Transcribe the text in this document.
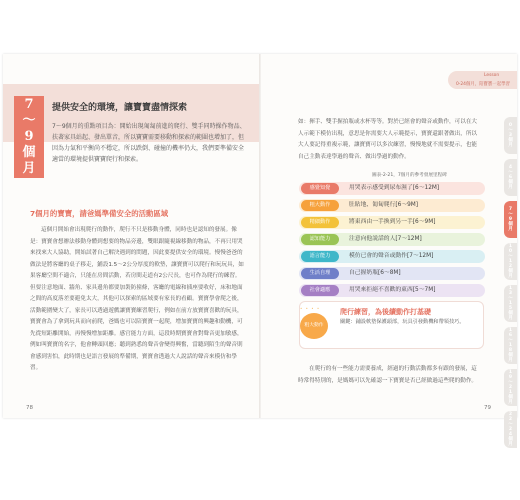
7
～
9
個
月
提供安全的環境，讓寶寶盡情探索

7～9個月的重點項目為：開始出現匍匐前進的爬行、雙手同時操作物品、扶著家具站起、發出單音，所以寶寶需要移動和探索的範圍也增加了，但因為力氣和平衡尚不穩定，所以跌倒、碰撞的機率仍大，我們要準備安全適當的環境提供寶寶爬行和探索。

7個月的寶寶，請爸媽準備安全的活動區域

這個月開始會出現爬行的動作，爬行不只是移動身體，同時也是認知的發展。像是：寶寶會想辦法移動身體到想要的物品旁邊，雙眼跟隨視線移動的物品，不再只用哭來找來大人協助，開始試著自己解決遇到的問題，因此要提供安全的環境。慢慢爸爸的做法是將客廳的桌子移走，鋪設1.5～2公分厚度的軟墊，讓寶寶可以爬行和玩玩具，如果客廳空間不適合，只能在房間活動，若房間走道有2公尺長，也可作為爬行的練習。但要注意地面、牆角、家具邊角都要加裝防撞條，客廳的電線和插座要收好，床和地面之間的高度落差要避免太大，其他可以探索的區域要有家長的看顧。寶寶學會爬之後，活動範圍變大了，家長可以透過遊戲讓寶寶練習爬行，例如在前方放寶寶喜歡的玩具，寶寶會為了拿到玩具而向前爬，爸媽也可以陪寶寶一起爬，增加寶寶的興趣和動機，可先從短距離開始，再慢慢增加距離。感官能力方面，這段時期寶寶會對聲音更加敏感，例如叫寶寶的名字，他會轉頭回應；聽到熟悉的聲音會變得興奮，當聽到陌生的聲音則會感到害怕，此時期也是語言發展的準備期，寶寶會透過大人說話的聲音來模仿和學習。

78
Lesson
0-24個月，陪寶寶一起學習

如：揮手、雙手握拍瓶或水杯等等。對於已經會的聲音或動作，可以在大人示範下模仿出現，意思是你需要大人示範提示，寶寶還跟著做出，所以大人要記得重複示範，讓寶寶可以多次練習，慢慢地就不需要提示，也能自己主動表達學過的聲音、做出學過的動作。

圖表-2-21，7個月的參考發展里程碑
感覺知覺	用哭表示感受到尿布濕了[6～12M]
粗大動作	肚貼地、匍匐爬行[6～9M]
精細動作	將東西由一手換到另一手[6～9M]
認知能力	注意向他説話的人[7～12M]
語言能力	模仿已會的聲音或動作[7～12M]
生活自理	自己握奶瓶[6～8M]
社會適應	用哭來拒絕不喜歡的東西[5～7M]
• • • •
粗大動作
爬行練習，為後續動作打基礎

關鍵：鋪設軟墊保護頭部，玩具引發動機和帶領技巧。

在爬行的有一些能力需要養成，經過的行動活動都多有跟的發展，這時常得特別的，是媽媽可以先確認一下寶寶是否已經做過這些爬的動作。

79
0～3個月
4～6個月
7～9個月
10～12個月
13～15個月
16～18個月
19～21個月
22～24個月
